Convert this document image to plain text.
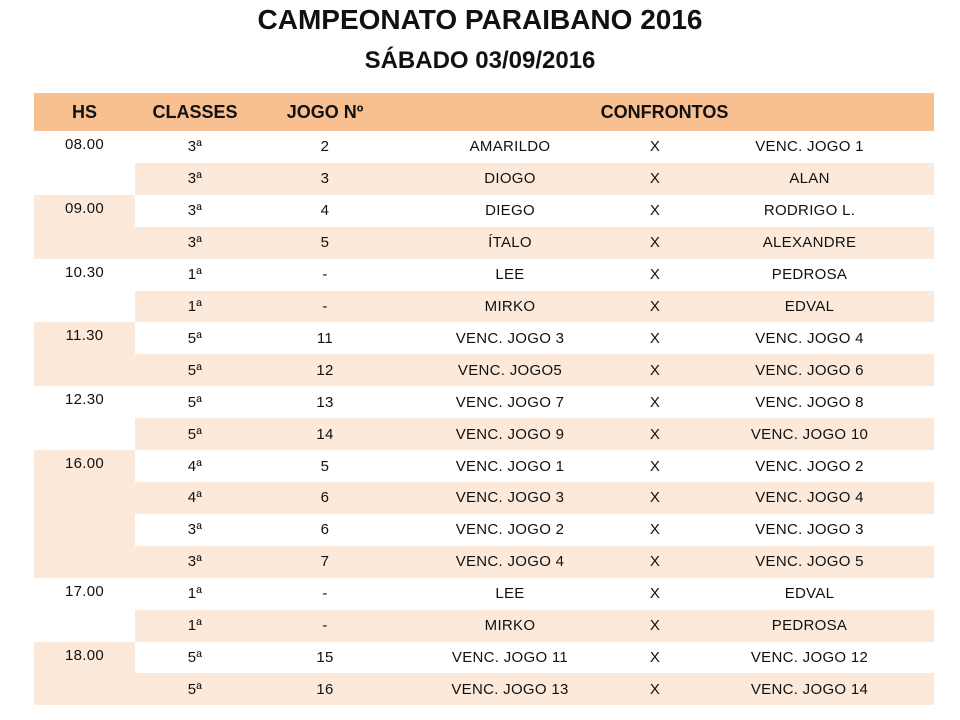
CAMPEONATO PARAIBANO 2016
SÁBADO 03/09/2016
HS	CLASSES	JOGO Nº	CONFRONTOS		
08.00	3ª	2	AMARILDO	X	VENC. JOGO 1
	3ª	3	DIOGO	X	ALAN
09.00	3ª	4	DIEGO	X	RODRIGO L.
	3ª	5	ÍTALO	X	ALEXANDRE
10.30	1ª	-	LEE	X	PEDROSA
	1ª	-	MIRKO	X	EDVAL
11.30	5ª	11	VENC. JOGO 3	X	VENC. JOGO 4
	5ª	12	VENC. JOGO5	X	VENC. JOGO 6
12.30	5ª	13	VENC. JOGO 7	X	VENC. JOGO 8
	5ª	14	VENC. JOGO 9	X	VENC. JOGO 10
16.00	4ª	5	VENC. JOGO 1	X	VENC. JOGO 2
	4ª	6	VENC. JOGO 3	X	VENC. JOGO 4
	3ª	6	VENC. JOGO 2	X	VENC. JOGO 3
	3ª	7	VENC. JOGO 4	X	VENC. JOGO 5
17.00	1ª	-	LEE	X	EDVAL
	1ª	-	MIRKO	X	PEDROSA
18.00	5ª	15	VENC. JOGO 11	X	VENC. JOGO 12
	5ª	16	VENC. JOGO 13	X	VENC. JOGO 14
